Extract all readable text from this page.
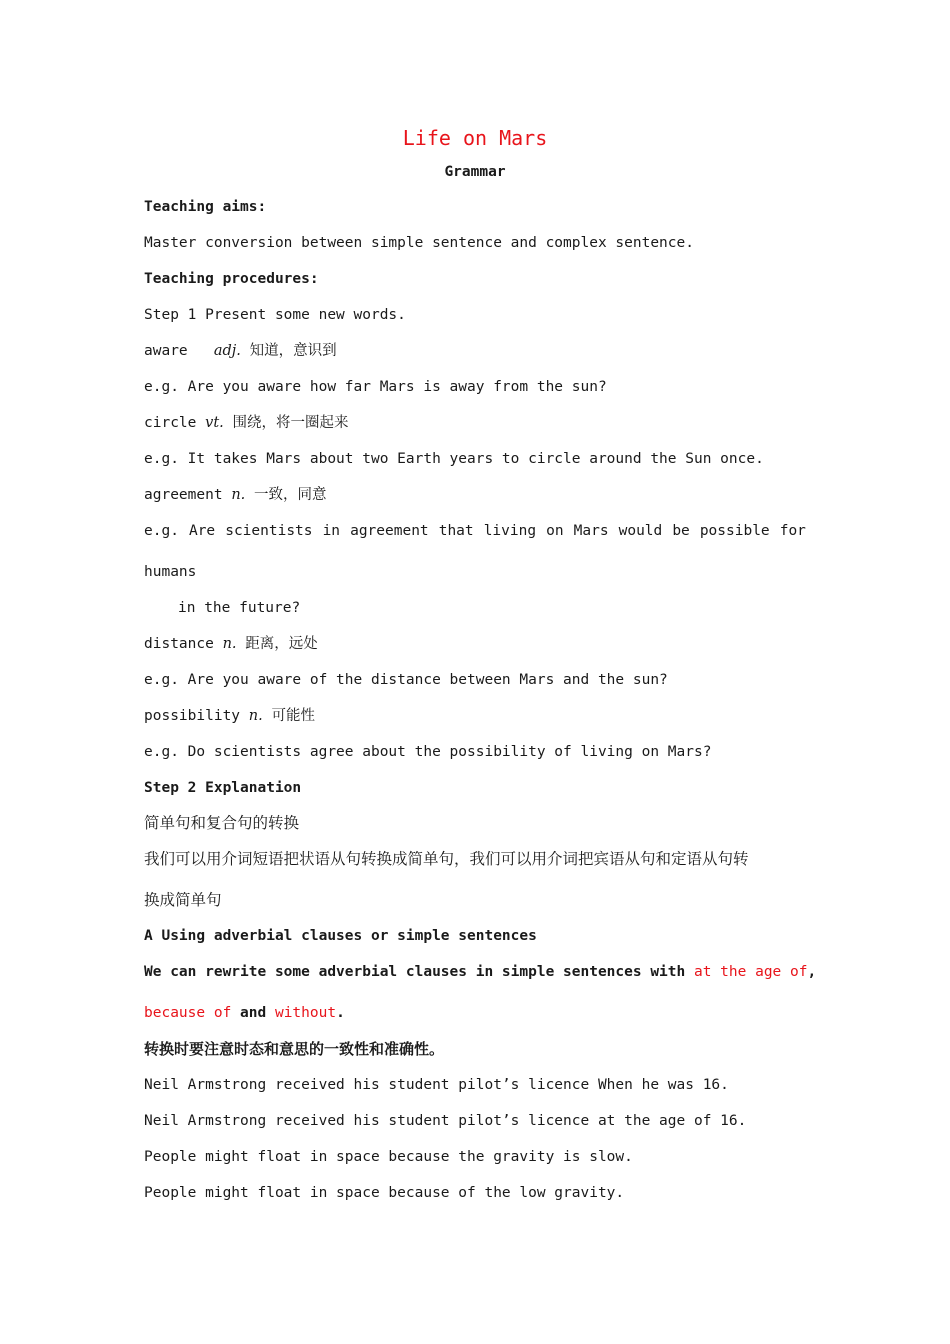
Life on Mars
Grammar
Teaching aims:
Master conversion between simple sentence and complex sentence.
Teaching procedures:
Step 1 Present some new words.
aware adj. 知道，意识到
e.g. Are you aware how far Mars is away from the sun?
circle vt. 围绕，将一圈起来
e.g. It takes Mars about two Earth years to circle around the Sun once.
agreement n. 一致，同意
e.g. Are scientists in agreement that living on Mars would be possible for
humans
in the future?
distance n. 距离，远处
e.g. Are you aware of the distance between Mars and the sun?
possibility n. 可能性
e.g. Do scientists agree about the possibility of living on Mars?
Step 2 Explanation
简单句和复合句的转换
我们可以用介词短语把状语从句转换成简单句，我们可以用介词把宾语从句和定语从句转
换成简单句
A Using adverbial clauses or simple sentences
We can rewrite some adverbial clauses in simple sentences with at the age of,
because of and without.
转换时要注意时态和意思的一致性和准确性。
Neil Armstrong received his student pilot’s licence When he was 16.
Neil Armstrong received his student pilot’s licence at the age of 16.
People might float in space because the gravity is slow.
People might float in space because of the low gravity.
